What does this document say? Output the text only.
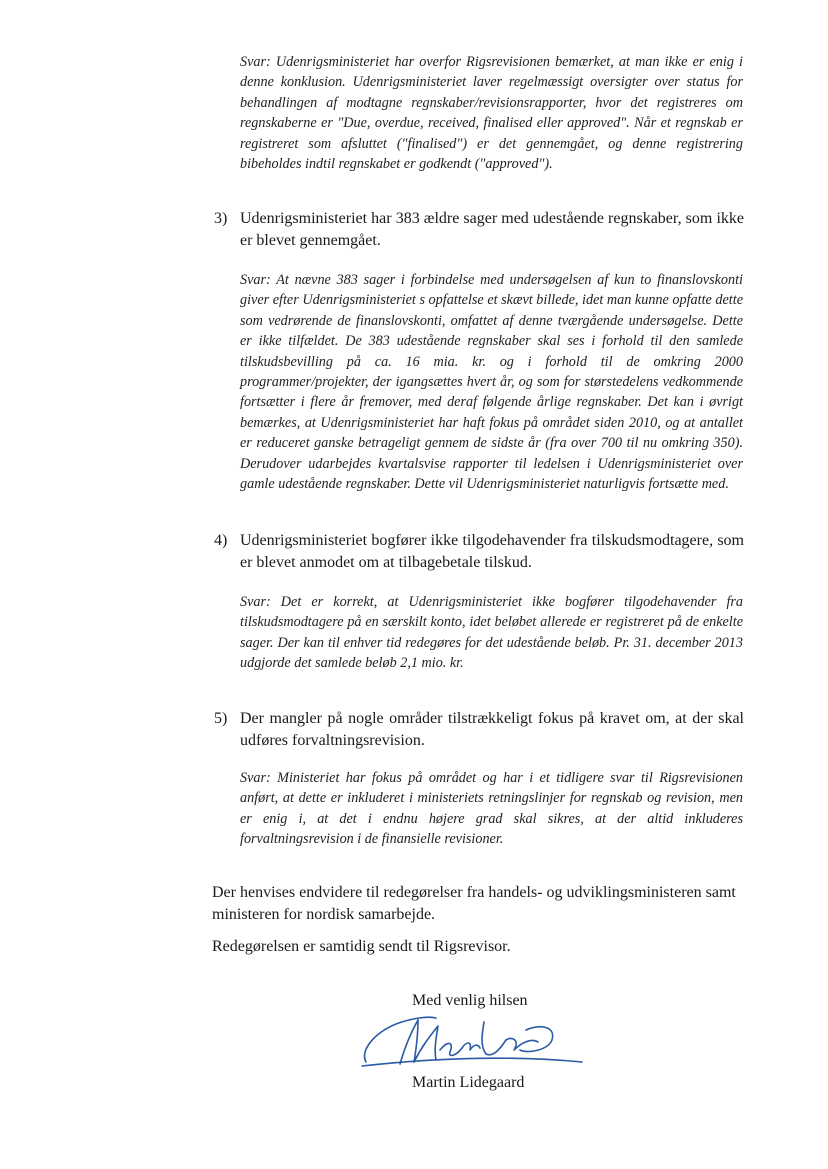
Svar: Udenrigsministeriet har overfor Rigsrevisionen bemærket, at man ikke er enig i denne konklusion. Udenrigsministeriet laver regelmæssigt oversigter over status for behandlingen af modtagne regnskaber/revisionsrapporter, hvor det registreres om regnskaberne er "Due, overdue, received, finalised eller approved". Når et regnskab er registreret som afsluttet ("finalised") er det gennemgået, og denne registrering bibeholdes indtil regnskabet er godkendt ("approved").
3) Udenrigsministeriet har 383 ældre sager med udestående regnskaber, som ikke er blevet gennemgået.
Svar: At nævne 383 sager i forbindelse med undersøgelsen af kun to finanslovskonti giver efter Udenrigsministeriet s opfattelse et skævt billede, idet man kunne opfatte dette som vedrørende de finanslovskonti, omfattet af denne tværgående undersøgelse. Dette er ikke tilfældet. De 383 udestående regnskaber skal ses i forhold til den samlede tilskudsbevilling på ca. 16 mia. kr. og i forhold til de omkring 2000 programmer/projekter, der igangsættes hvert år, og som for størstedelens vedkommende fortsætter i flere år fremover, med deraf følgende årlige regnskaber. Det kan i øvrigt bemærkes, at Udenrigsministeriet har haft fokus på området siden 2010, og at antallet er reduceret ganske betrageligt gennem de sidste år (fra over 700 til nu omkring 350). Derudover udarbejdes kvartalsvise rapporter til ledelsen i Udenrigsministeriet over gamle udestående regnskaber. Dette vil Udenrigsministeriet naturligvis fortsætte med.
4) Udenrigsministeriet bogfører ikke tilgodehavender fra tilskudsmodtagere, som er blevet anmodet om at tilbagebetale tilskud.
Svar: Det er korrekt, at Udenrigsministeriet ikke bogfører tilgodehavender fra tilskudsmodtagere på en særskilt konto, idet beløbet allerede er registreret på de enkelte sager. Der kan til enhver tid redegøres for det udestående beløb. Pr. 31. december 2013 udgjorde det samlede beløb 2,1 mio. kr.
5) Der mangler på nogle områder tilstrækkeligt fokus på kravet om, at der skal udføres forvaltningsrevision.
Svar: Ministeriet har fokus på området og har i et tidligere svar til Rigsrevisionen anført, at dette er inkluderet i ministeriets retningslinjer for regnskab og revision, men er enig i, at det i endnu højere grad skal sikres, at der altid inkluderes forvaltningsrevision i de finansielle revisioner.
Der henvises endvidere til redegørelser fra handels- og udviklingsministeren samt ministeren for nordisk samarbejde.
Redegørelsen er samtidig sendt til Rigsrevisor.
Med venlig hilsen
Martin Lidegaard
